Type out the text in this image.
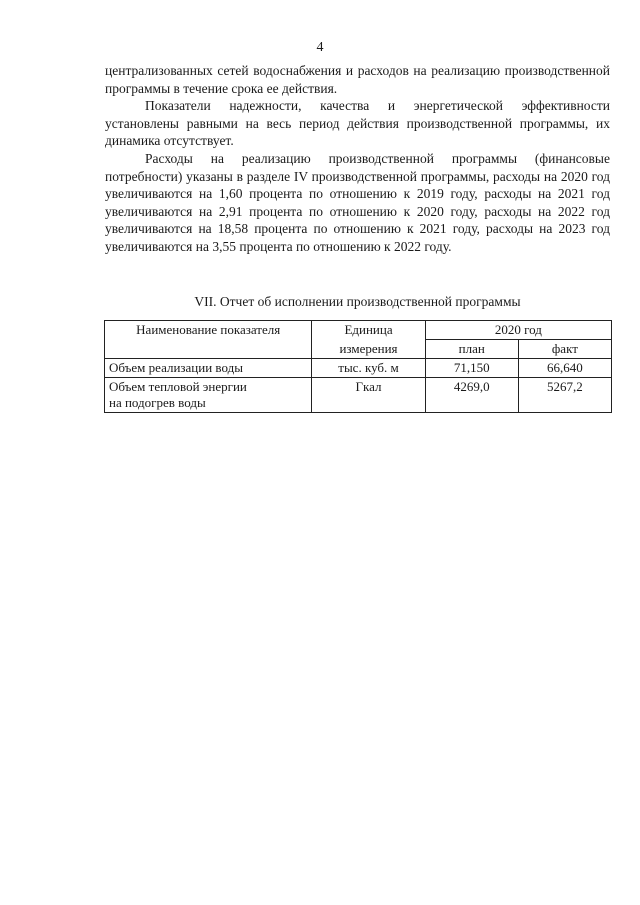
4

централизованных сетей водоснабжения и расходов на реализацию производственной программы в течение срока ее действия.

Показатели надежности, качества и энергетической эффективности установлены равными на весь период действия производственной программы, их динамика отсутствует.

Расходы на реализацию производственной программы (финансовые потребности) указаны в разделе IV производственной программы, расходы на 2020 год увеличиваются на 1,60 процента по отношению к 2019 году, расходы на 2021 год увеличиваются на 2,91 процента по отношению к 2020 году, расходы на 2022 год увеличиваются на 18,58 процента по отношению к 2021 году, расходы на 2023 год увеличиваются на 3,55 процента по отношению к 2022 году.

VII. Отчет об исполнении производственной программы
Наименование показателя	Единица	2020 год	
	измерения	план	факт
Объем реализации воды	тыс. куб. м	71,150	66,640

Объем тепловой энергии
на подогрев воды	Гкал	4269,0	5267,2
